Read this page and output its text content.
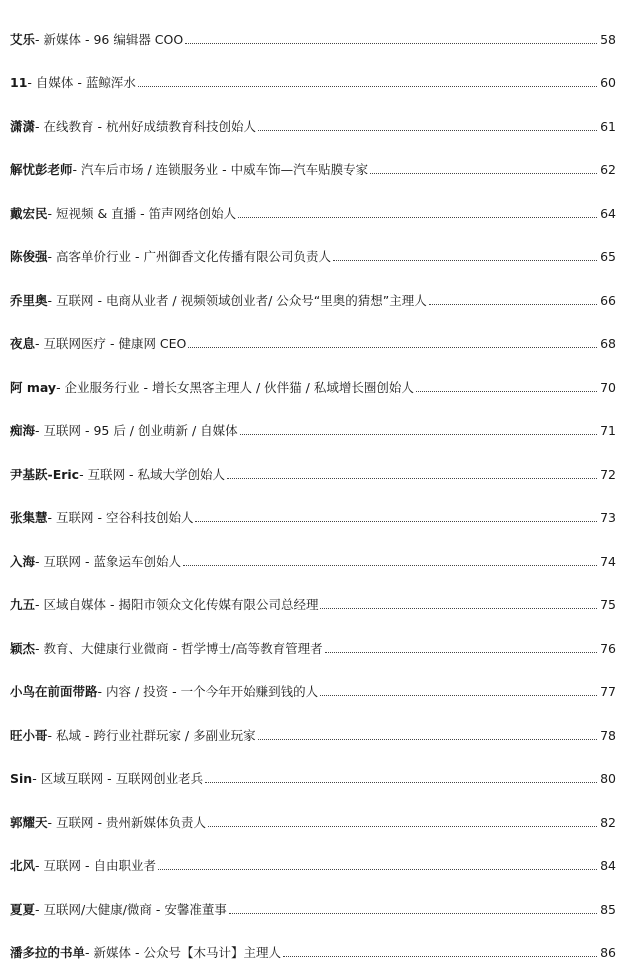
艾乐 - 新媒体 - 96 编辑器 COO	58
11 - 自媒体 - 蓝鲸浑水	60
潇潇 - 在线教育 - 杭州好成绩教育科技创始人	61
解忧彭老师 - 汽车后市场 / 连锁服务业 - 中威车饰—汽车贴膜专家	62
戴宏民 - 短视频 & 直播 - 笛声网络创始人	64
陈俊强 - 高客单价行业 - 广州御香文化传播有限公司负责人	65
乔里奥 - 互联网 - 电商从业者 / 视频领域创业者/ 公众号“里奥的猜想”主理人	66
夜息 - 互联网医疗 - 健康网 CEO	68
阿 may - 企业服务行业 - 增长女黑客主理人 / 伙伴猫 / 私域增长圈创始人	70
痴海 - 互联网 - 95 后 / 创业萌新 / 自媒体	71
尹基跃-Eric - 互联网 - 私域大学创始人	72
张集慧 - 互联网 - 空谷科技创始人	73
入海 - 互联网 - 蓝象运车创始人	74
九五 - 区域自媒体 - 揭阳市领众文化传媒有限公司总经理	75
颖杰 - 教育、大健康行业微商 - 哲学博士/高等教育管理者	76
小鸟在前面带路 - 内容 / 投资 - 一个今年开始赚到钱的人	77
旺小哥 - 私域 - 跨行业社群玩家 / 多副业玩家	78
Sin - 区域互联网 - 互联网创业老兵	80
郭耀天 - 互联网 - 贵州新媒体负责人	82
北风 - 互联网 - 自由职业者	84
夏夏 - 互联网/大健康/微商 - 安馨准董事	85
潘多拉的书单 - 新媒体 - 公众号【木马计】主理人	86
